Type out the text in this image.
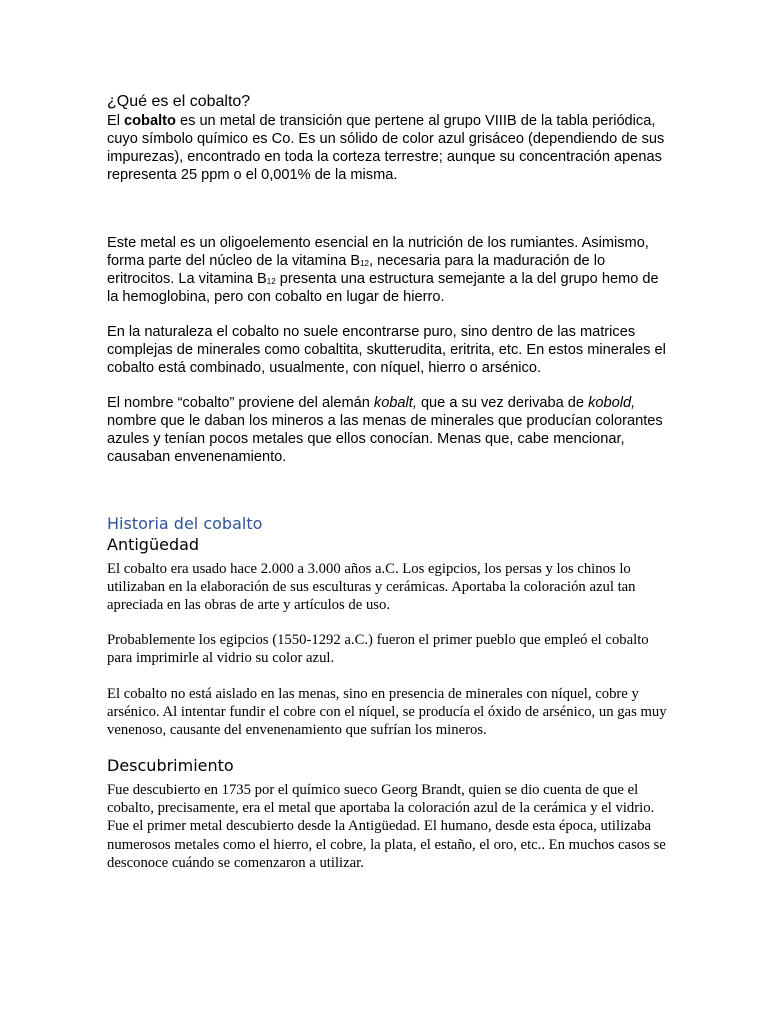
¿Qué es el cobalto?
El cobalto es un metal de transición que pertene al grupo VIIIB de la tabla periódica, cuyo símbolo químico es Co. Es un sólido de color azul grisáceo (dependiendo de sus impurezas), encontrado en toda la corteza terrestre; aunque su concentración apenas representa 25 ppm o el 0,001% de la misma.
Este metal es un oligoelemento esencial en la nutrición de los rumiantes. Asimismo, forma parte del núcleo de la vitamina $B_{12}$, necesaria para la maduración de lo eritrocitos. La vitamina $B_{12}$ presenta una estructura semejante a la del grupo hemo de la hemoglobina, pero con cobalto en lugar de hierro.
En la naturaleza el cobalto no suele encontrarse puro, sino dentro de las matrices complejas de minerales como cobaltita, skutterudita, eritrita, etc. En estos minerales el cobalto está combinado, usualmente, con níquel, hierro o arsénico.
El nombre “cobalto” proviene del alemán kobalt, que a su vez derivaba de kobold, nombre que le daban los mineros a las menas de minerales que producían colorantes azules y tenían pocos metales que ellos conocían. Menas que, cabe mencionar, causaban envenenamiento.
Historia del cobalto
Antigüedad
El cobalto era usado hace 2.000 a 3.000 años a.C. Los egipcios, los persas y los chinos lo utilizaban en la elaboración de sus esculturas y cerámicas. Aportaba la coloración azul tan apreciada en las obras de arte y artículos de uso.
Probablemente los egipcios (1550-1292 a.C.) fueron el primer pueblo que empleó el cobalto para imprimirle al vidrio su color azul.
El cobalto no está aislado en las menas, sino en presencia de minerales con níquel, cobre y arsénico. Al intentar fundir el cobre con el níquel, se producía el óxido de arsénico, un gas muy venenoso, causante del envenenamiento que sufrían los mineros.
Descubrimiento
Fue descubierto en 1735 por el químico sueco Georg Brandt, quien se dio cuenta de que el cobalto, precisamente, era el metal que aportaba la coloración azul de la cerámica y el vidrio. Fue el primer metal descubierto desde la Antigüedad. El humano, desde esta época, utilizaba numerosos metales como el hierro, el cobre, la plata, el estaño, el oro, etc.. En muchos casos se desconoce cuándo se comenzaron a utilizar.
